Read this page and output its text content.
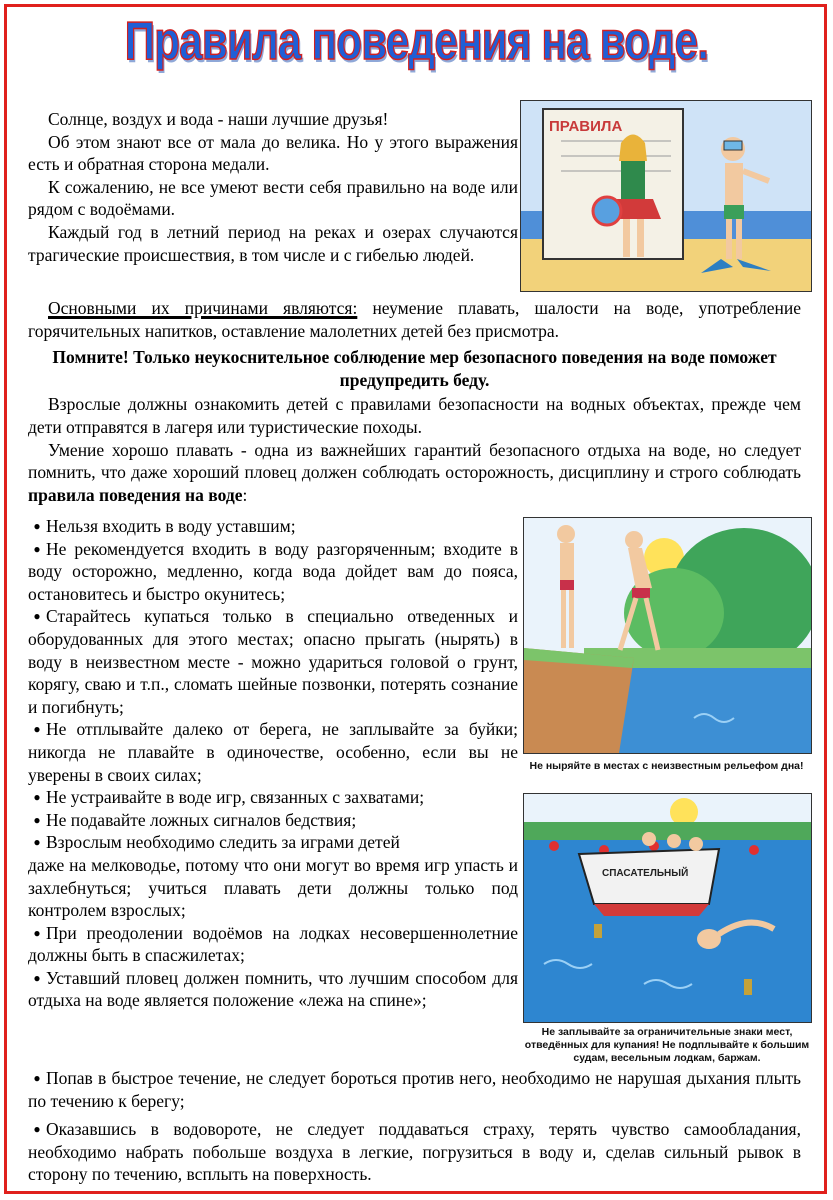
Правила поведения на воде.

Солнце, воздух и вода - наши лучшие друзья!

Об этом знают все от мала до велика. Но у этого выражения есть и обратная сторона медали.

К сожалению, не все умеют вести себя правильно на воде или рядом с водоёмами.

Каждый год в летний период на реках и озерах случаются трагические происшествия, в том числе и с гибелью людей.

ПРАВИЛА

Основными их причинами являются: неумение плавать, шалости на воде, употребление горячительных напитков, оставление малолетних детей без присмотра.

Помните! Только неукоснительное соблюдение мер безопасного поведения на воде поможет предупредить беду.

Взрослые должны ознакомить детей с правилами безопасности на водных объектах, прежде чем дети отправятся в лагеря или туристические походы.

Умение хорошо плавать - одна из важнейших гарантий безопасного отдыха на воде, но следует помнить, что даже хороший пловец должен соблюдать осторожность, дисциплину и строго соблюдать правила поведения на воде:

● Нельзя входить в воду уставшим;

● Не рекомендуется входить в воду разгоряченным; входите в воду осторожно, медленно, когда вода дойдет вам до пояса, остановитесь и быстро окунитесь;

● Старайтесь купаться только в специально отведенных и оборудованных для этого местах; опасно прыгать (нырять) в воду в неизвестном месте - можно удариться головой о грунт, корягу, сваю и т.п., сломать шейные позвонки, потерять сознание и погибнуть;

● Не отплывайте далеко от берега, не заплывайте за буйки; никогда не плавайте в одиночестве, особенно, если вы не уверены в своих силах;

● Не устраивайте в воде игр, связанных с захватами;

● Не подавайте ложных сигналов бедствия;

● Взрослым необходимо следить за играми детей
даже на мелководье, потому что они могут во время игр упасть и захлебнуться; учиться плавать дети должны только под контролем взрослых;

● При преодолении водоёмов на лодках несовершеннолетние должны быть в спасжилетах;

● Уставший пловец должен помнить, что лучшим способом для отдыха на воде является положение «лежа на спине»;

Не ныряйте в местах с неизвестным рельефом дна!
СПАСАТЕЛЬНЫЙ
Не заплывайте за ограничительные знаки мест, отведённых для купания! Не подплывайте к большим судам, весельным лодкам, баржам.

● Попав в быстрое течение, не следует бороться против него, необходимо не нарушая дыхания плыть по течению к берегу;

● Оказавшись в водовороте, не следует поддаваться страху, терять чувство самообладания, необходимо набрать побольше воздуха в легкие, погрузиться в воду и, сделав сильный рывок в сторону по течению, всплыть на поверхность.
